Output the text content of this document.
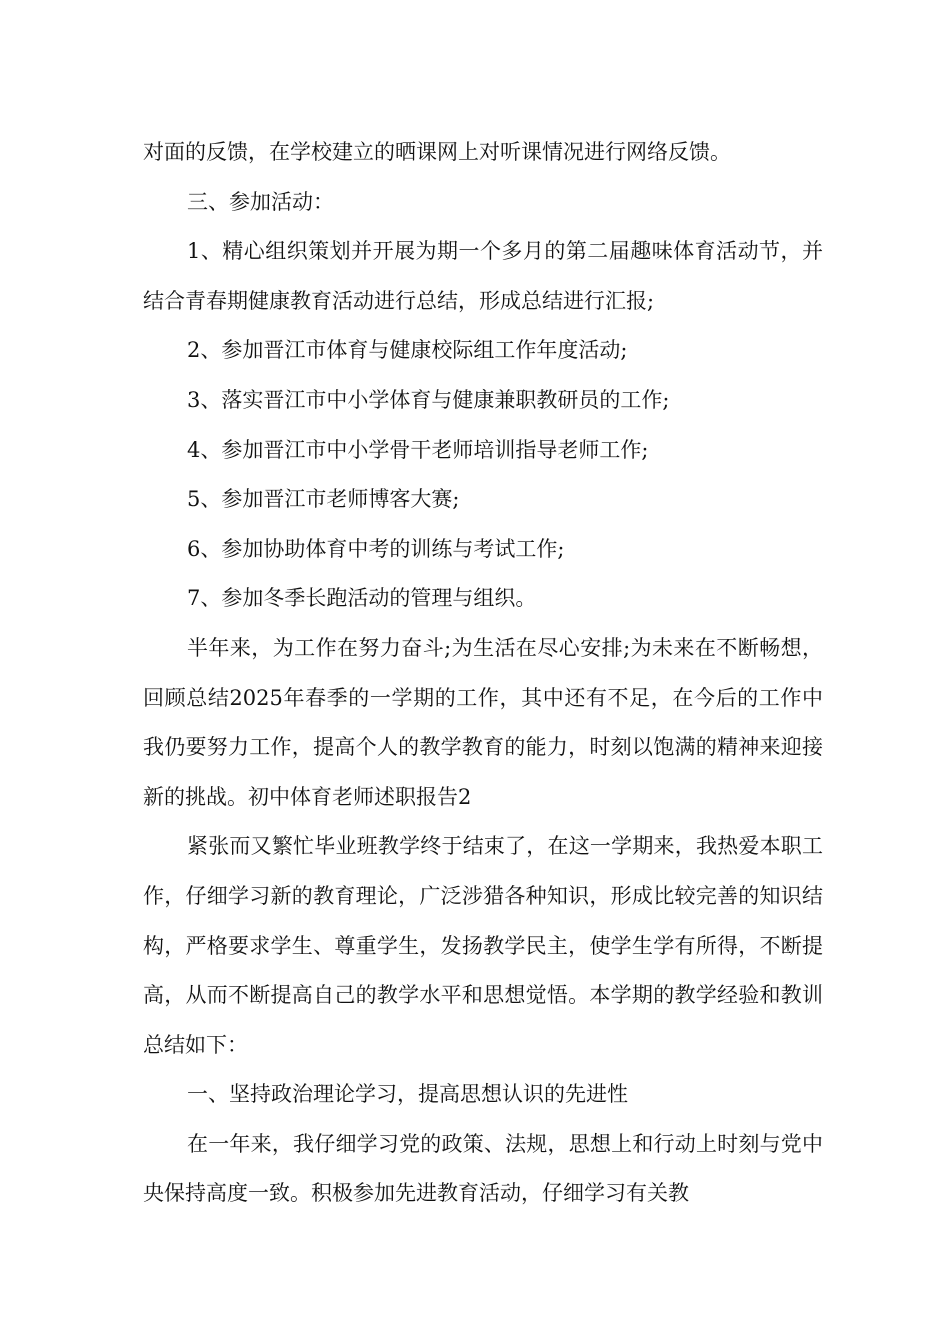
对面的反馈，在学校建立的晒课网上对听课情况进行网络反馈。

三、参加活动：

1、精心组织策划并开展为期一个多月的第二届趣味体育活动节，并结合青春期健康教育活动进行总结，形成总结进行汇报;

2、参加晋江市体育与健康校际组工作年度活动;

3、落实晋江市中小学体育与健康兼职教研员的工作;

4、参加晋江市中小学骨干老师培训指导老师工作;

5、参加晋江市老师博客大赛;

6、参加协助体育中考的训练与考试工作;

7、参加冬季长跑活动的管理与组织。

半年来，为工作在努力奋斗;为生活在尽心安排;为未来在不断畅想，回顾总结2025年春季的一学期的工作，其中还有不足，在今后的工作中我仍要努力工作，提高个人的教学教育的能力，时刻以饱满的精神来迎接新的挑战。初中体育老师述职报告2

紧张而又繁忙毕业班教学终于结束了，在这一学期来，我热爱本职工作，仔细学习新的教育理论，广泛涉猎各种知识，形成比较完善的知识结构，严格要求学生、尊重学生，发扬教学民主，使学生学有所得，不断提高，从而不断提高自己的教学水平和思想觉悟。本学期的教学经验和教训总结如下：

一、坚持政治理论学习，提高思想认识的先进性

在一年来，我仔细学习党的政策、法规，思想上和行动上时刻与党中央保持高度一致。积极参加先进教育活动，仔细学习有关教
